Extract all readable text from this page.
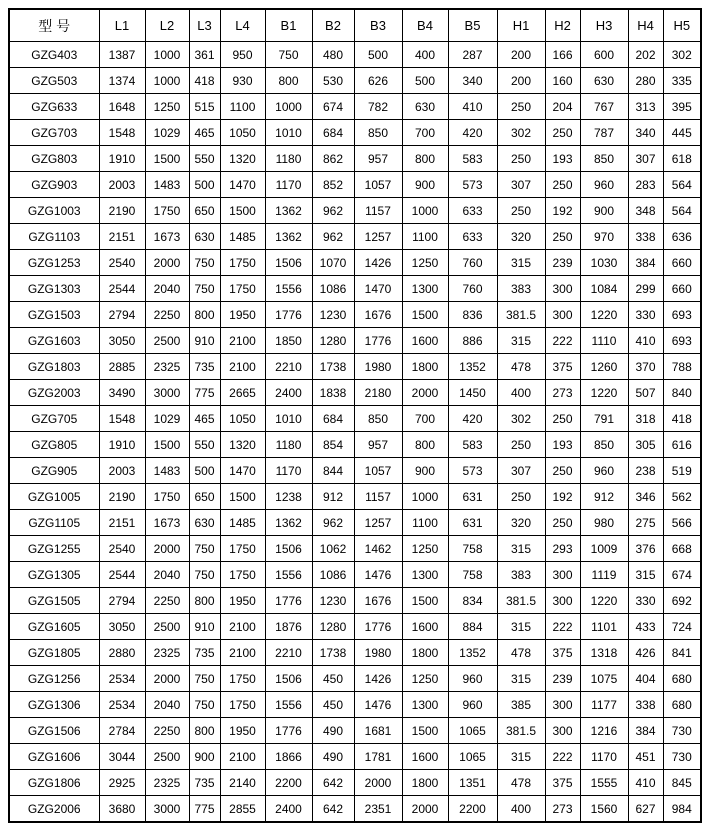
型 号	L1	L2	L3	L4	B1	B2	B3	B4	B5	H1	H2	H3	H4	H5
GZG403	1387	1000	361	950	750	480	500	400	287	200	166	600	202	302
GZG503	1374	1000	418	930	800	530	626	500	340	200	160	630	280	335
GZG633	1648	1250	515	1100	1000	674	782	630	410	250	204	767	313	395
GZG703	1548	1029	465	1050	1010	684	850	700	420	302	250	787	340	445
GZG803	1910	1500	550	1320	1180	862	957	800	583	250	193	850	307	618
GZG903	2003	1483	500	1470	1170	852	1057	900	573	307	250	960	283	564
GZG1003	2190	1750	650	1500	1362	962	1157	1000	633	250	192	900	348	564
GZG1103	2151	1673	630	1485	1362	962	1257	1100	633	320	250	970	338	636
GZG1253	2540	2000	750	1750	1506	1070	1426	1250	760	315	239	1030	384	660
GZG1303	2544	2040	750	1750	1556	1086	1470	1300	760	383	300	1084	299	660
GZG1503	2794	2250	800	1950	1776	1230	1676	1500	836	381.5	300	1220	330	693
GZG1603	3050	2500	910	2100	1850	1280	1776	1600	886	315	222	1110	410	693
GZG1803	2885	2325	735	2100	2210	1738	1980	1800	1352	478	375	1260	370	788
GZG2003	3490	3000	775	2665	2400	1838	2180	2000	1450	400	273	1220	507	840
GZG705	1548	1029	465	1050	1010	684	850	700	420	302	250	791	318	418
GZG805	1910	1500	550	1320	1180	854	957	800	583	250	193	850	305	616
GZG905	2003	1483	500	1470	1170	844	1057	900	573	307	250	960	238	519
GZG1005	2190	1750	650	1500	1238	912	1157	1000	631	250	192	912	346	562
GZG1105	2151	1673	630	1485	1362	962	1257	1100	631	320	250	980	275	566
GZG1255	2540	2000	750	1750	1506	1062	1462	1250	758	315	293	1009	376	668
GZG1305	2544	2040	750	1750	1556	1086	1476	1300	758	383	300	1119	315	674
GZG1505	2794	2250	800	1950	1776	1230	1676	1500	834	381.5	300	1220	330	692
GZG1605	3050	2500	910	2100	1876	1280	1776	1600	884	315	222	1101	433	724
GZG1805	2880	2325	735	2100	2210	1738	1980	1800	1352	478	375	1318	426	841
GZG1256	2534	2000	750	1750	1506	450	1426	1250	960	315	239	1075	404	680
GZG1306	2534	2040	750	1750	1556	450	1476	1300	960	385	300	1177	338	680
GZG1506	2784	2250	800	1950	1776	490	1681	1500	1065	381.5	300	1216	384	730
GZG1606	3044	2500	900	2100	1866	490	1781	1600	1065	315	222	1170	451	730
GZG1806	2925	2325	735	2140	2200	642	2000	1800	1351	478	375	1555	410	845
GZG2006	3680	3000	775	2855	2400	642	2351	2000	2200	400	273	1560	627	984
